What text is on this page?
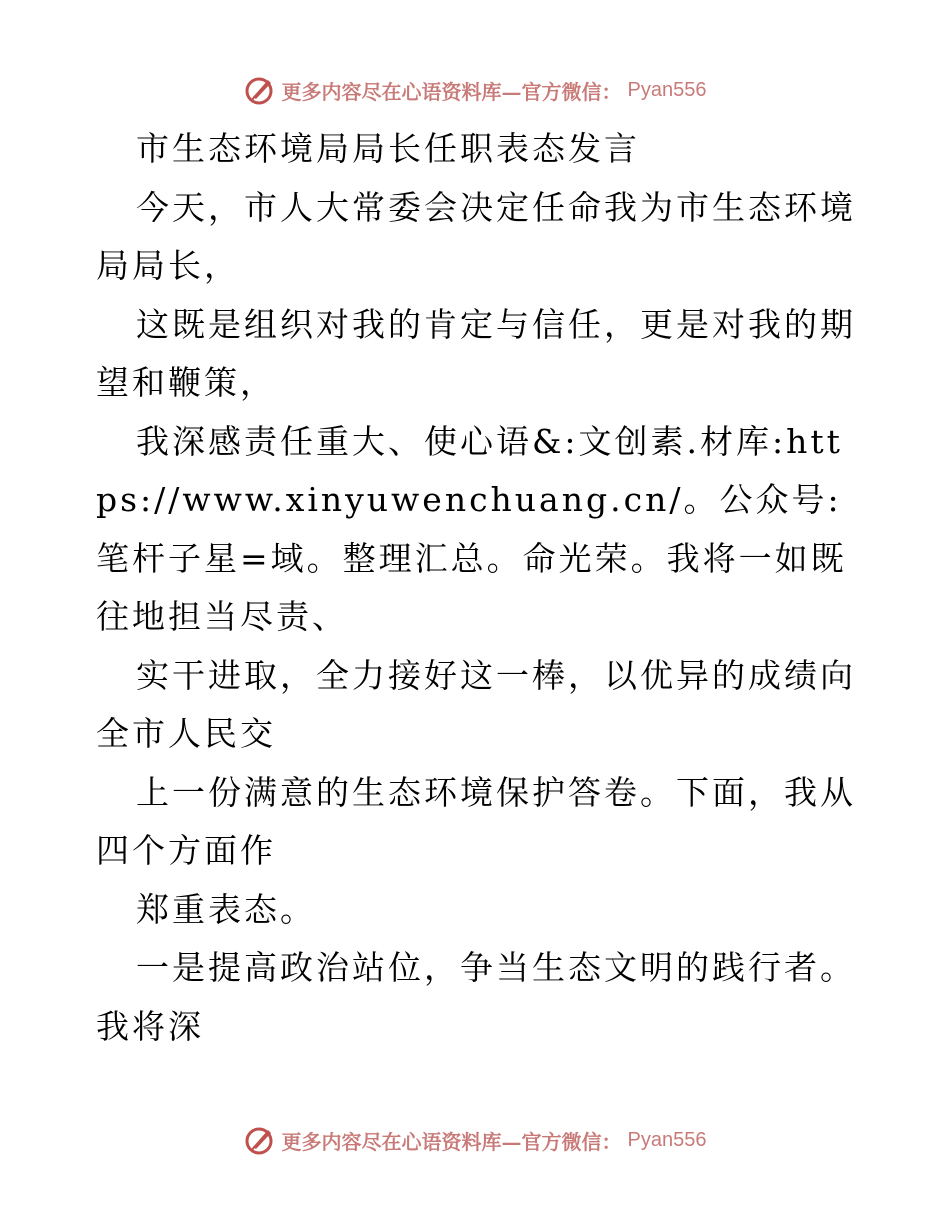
更多内容尽在心语资料库—官方微信： Pyan556

市生态环境局局长任职表态发言

今天，市人大常委会决定任命我为市生态环境局局长，

这既是组织对我的肯定与信任，更是对我的期望和鞭策，

我深感责任重大、使心语&:文创素.材库:https://www.xinyuwenchuang.cn/。公众号:笔杆子星=域。整理汇总。命光荣。我将一如既往地担当尽责、

实干进取，全力接好这一棒，以优异的成绩向全市人民交

上一份满意的生态环境保护答卷。下面，我从四个方面作

郑重表态。

一是提高政治站位，争当生态文明的践行者。我将深

更多内容尽在心语资料库—官方微信： Pyan556
